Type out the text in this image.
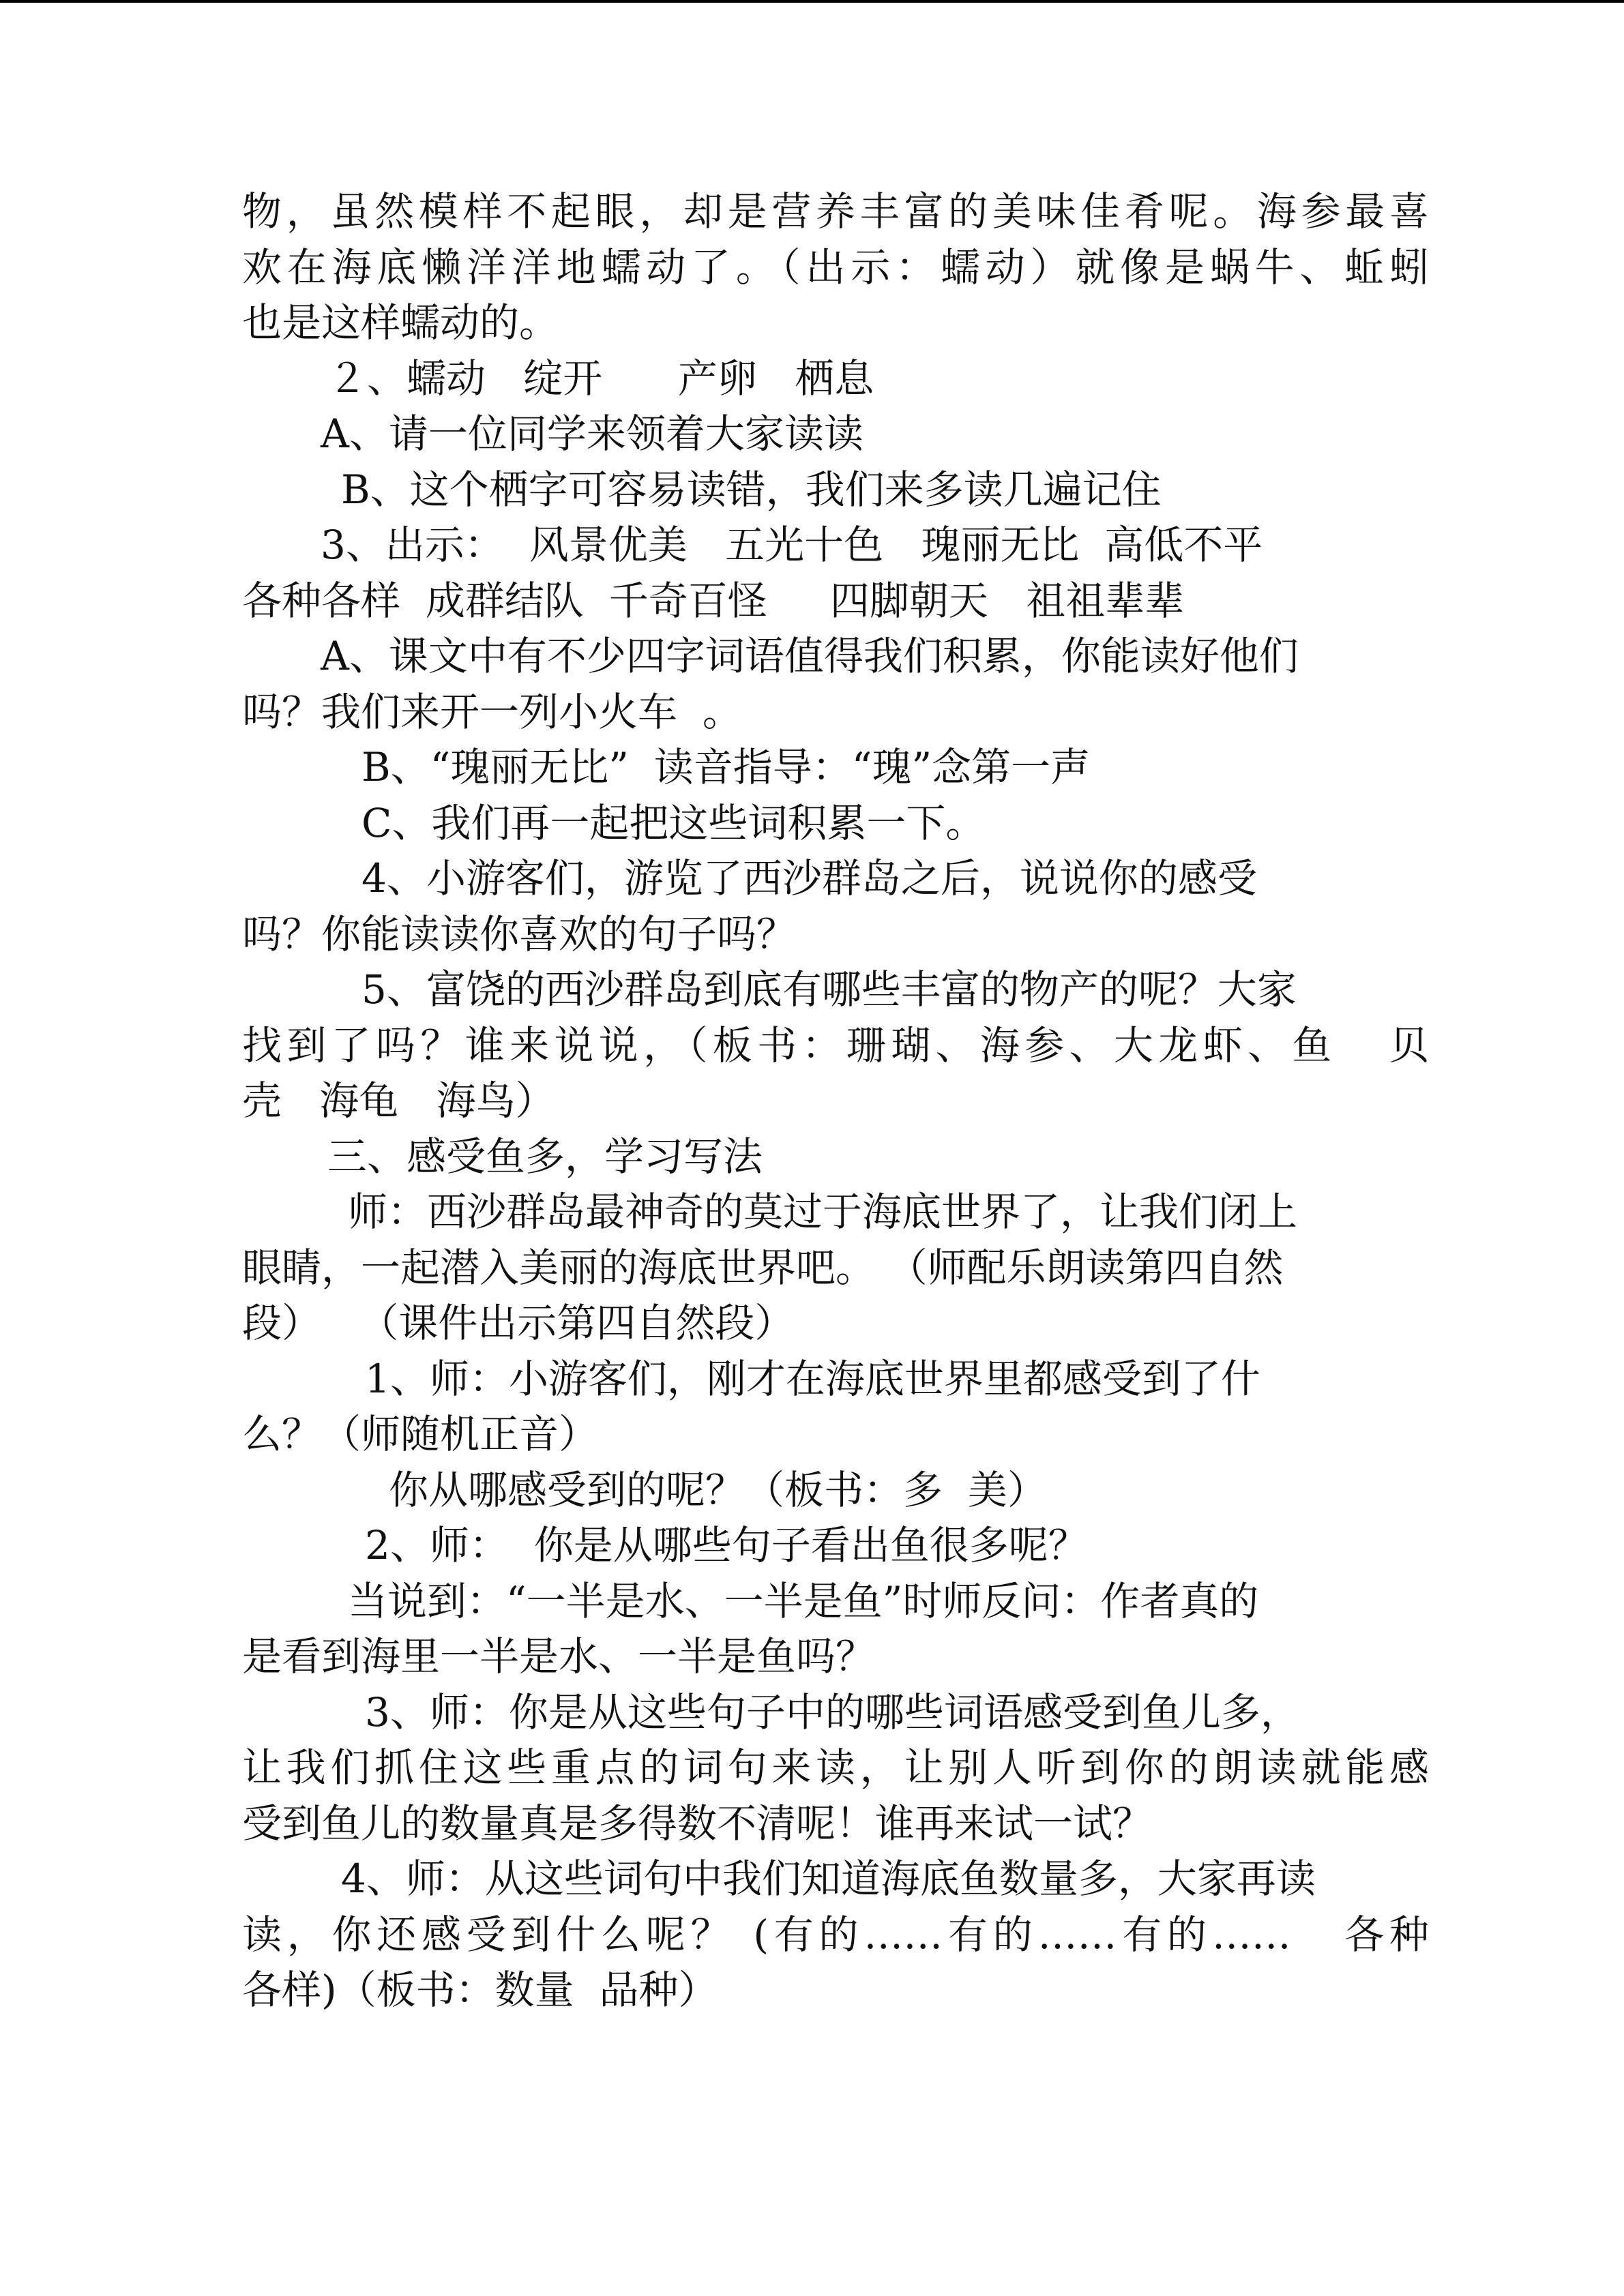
物，虽然模样不起眼，却是营养丰富的美味佳肴呢。海参最喜
欢在海底懒洋洋地蠕动了。（出示：蠕动）就像是蜗牛、蚯蚓
也是这样蠕动的。
２、蠕动   绽开      产卵   栖息
A、请一位同学来领着大家读读
B、这个栖字可容易读错，我们来多读几遍记住
3、出示：  风景优美   五光十色   瑰丽无比  高低不平
各种各样  成群结队  千奇百怪     四脚朝天   祖祖辈辈
A、课文中有不少四字词语值得我们积累，你能读好他们
吗？我们来开一列小火车  。
B、“瑰丽无比”  读音指导：“瑰”念第一声
C、我们再一起把这些词积累一下。
4、小游客们，游览了西沙群岛之后，说说你的感受
吗？你能读读你喜欢的句子吗？
5、富饶的西沙群岛到底有哪些丰富的物产的呢？大家
找到了吗？谁来说说，（板书：珊瑚、海参、大龙虾、鱼   贝
壳   海龟   海鸟）
三、感受鱼多，学习写法
师：西沙群岛最神奇的莫过于海底世界了，让我们闭上
眼睛，一起潜入美丽的海底世界吧。 （师配乐朗读第四自然
段）   （课件出示第四自然段）
1、师：小游客们，刚才在海底世界里都感受到了什
么？（师随机正音）
你从哪感受到的呢？（板书：多  美）
2、师：  你是从哪些句子看出鱼很多呢？
当说到：“一半是水、一半是鱼”时师反问：作者真的
是看到海里一半是水、一半是鱼吗？
3、师：你是从这些句子中的哪些词语感受到鱼儿多，
让我们抓住这些重点的词句来读，让别人听到你的朗读就能感
受到鱼儿的数量真是多得数不清呢！谁再来试一试？
4、师：从这些词句中我们知道海底鱼数量多，大家再读
读，你还感受到什么呢？ (有的……有的……有的……   各种
各样)（板书：数量  品种）
